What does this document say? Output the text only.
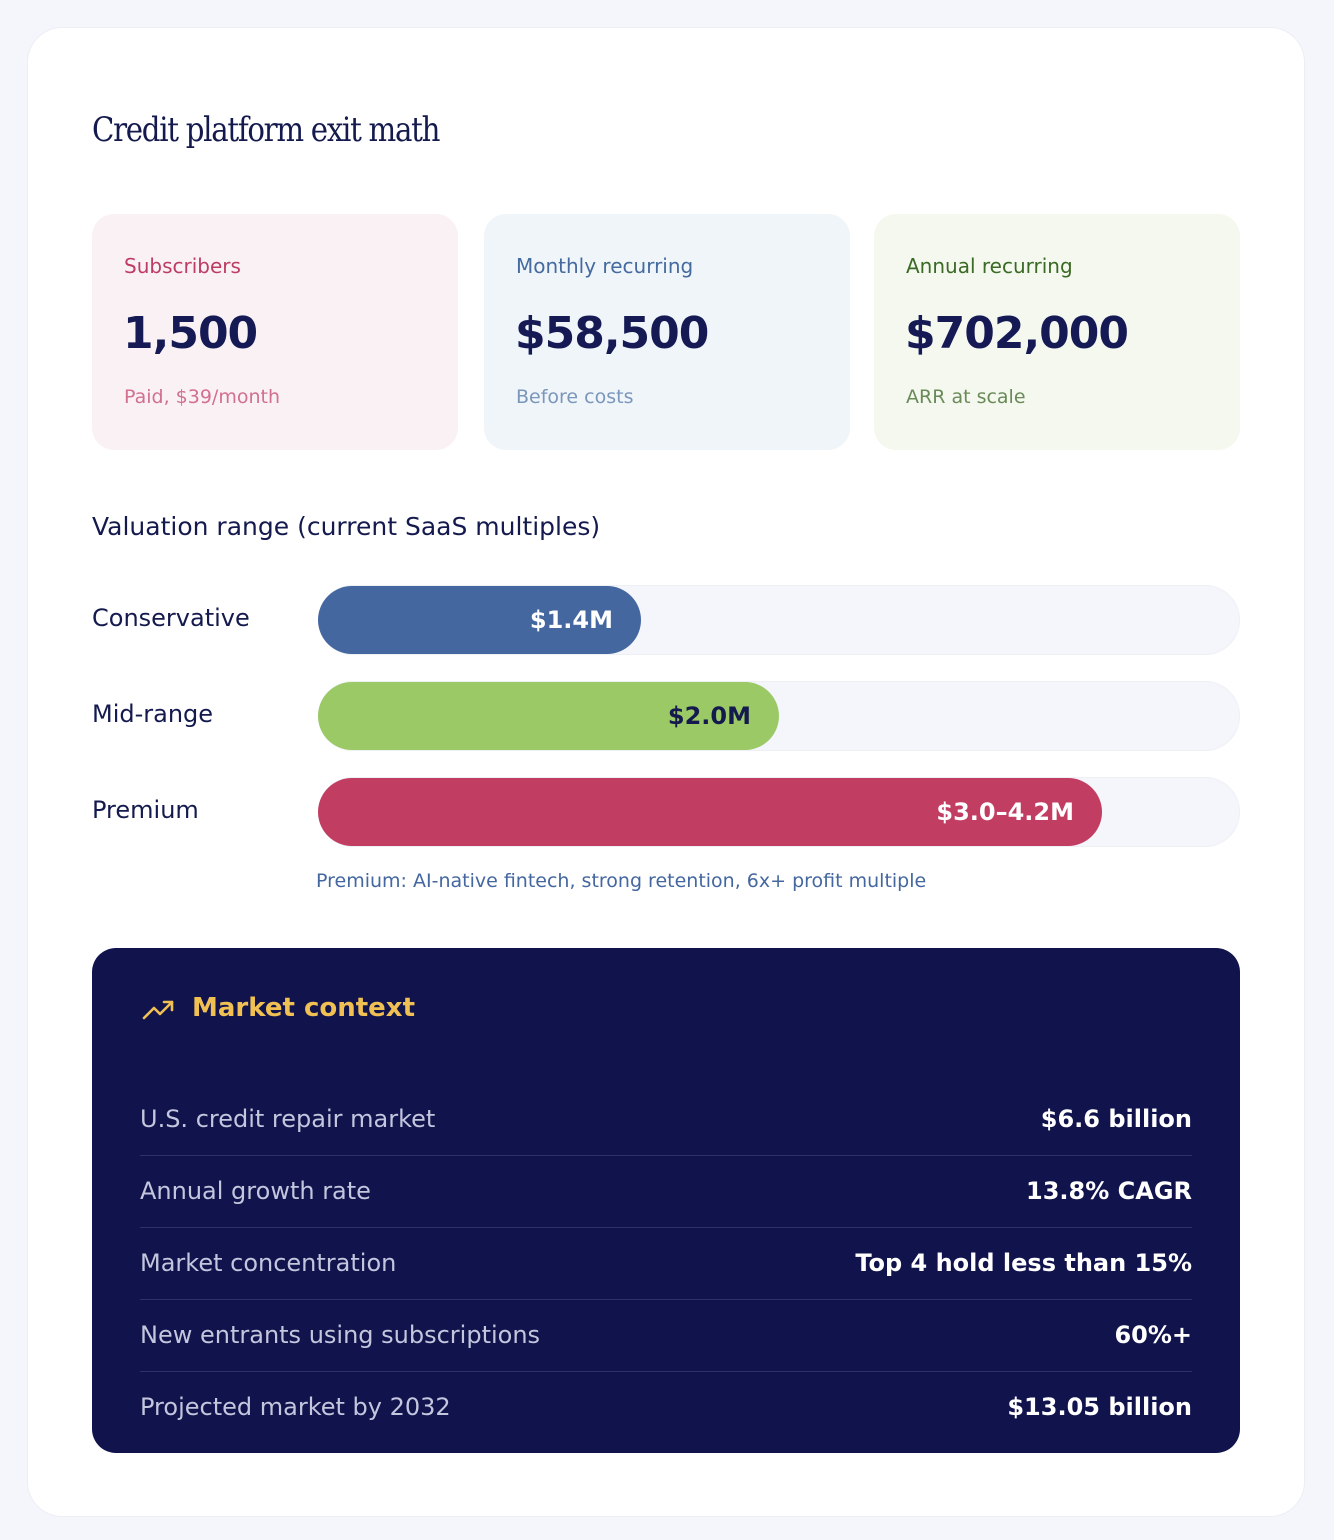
Credit platform exit math
Subscribers
1,500
Paid, $39/month
Monthly recurring
$58,500
Before costs
Annual recurring
$702,000
ARR at scale
Valuation range (current SaaS multiples)
Conservative	$1.4M
Mid-range	$2.0M
Premium	$3.0–4.2M
Premium: AI-native fintech, strong retention, 6x+ profit multiple
Market context
U.S. credit repair market	$6.6 billion
Annual growth rate	13.8% CAGR
Market concentration	Top 4 hold less than 15%
New entrants using subscriptions	60%+
Projected market by 2032	$13.05 billion
